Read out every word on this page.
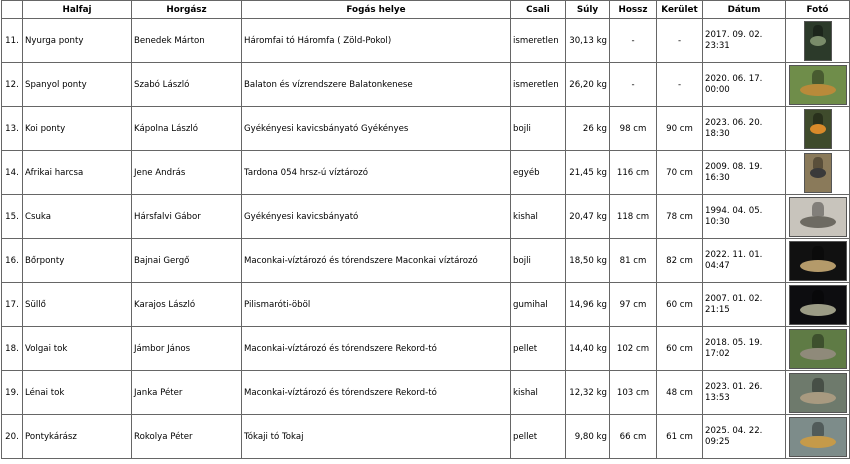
	Halfaj	Horgász	Fogás helye	Csali	Súly	Hossz	Kerület	Dátum	Fotó
11.	Nyurga ponty	Benedek Márton	Háromfai tó Háromfa ( Zöld-Pokol)	ismeretlen	30,13 kg	-	-	2017. 09. 02.
23:31	

12.	Spanyol ponty	Szabó László	Balaton és vízrendszere Balatonkenese	ismeretlen	26,20 kg	-	-	2020. 06. 17.
00:00	

13.	Koi ponty	Kápolna László	Gyékényesi kavicsbányató Gyékényes	bojli	26 kg	98 cm	90 cm	2023. 06. 20.
18:30	

14.	Afrikai harcsa	Jene András	Tardona 054 hrsz-ú víztározó	egyéb	21,45 kg	116 cm	70 cm	2009. 08. 19.
16:30	

15.	Csuka	Hársfalvi Gábor	Gyékényesi kavicsbányató	kishal	20,47 kg	118 cm	78 cm	1994. 04. 05.
10:30	

16.	Bőrponty	Bajnai Gergő	Maconkai-víztározó és tórendszere Maconkai víztározó	bojli	18,50 kg	81 cm	82 cm	2022. 11. 01.
04:47	

17.	Süllő	Karajos László	Pilismaróti-öböl	gumihal	14,96 kg	97 cm	60 cm	2007. 01. 02.
21:15	

18.	Volgai tok	Jámbor János	Maconkai-víztározó és tórendszere Rekord-tó	pellet	14,40 kg	102 cm	60 cm	2018. 05. 19.
17:02	

19.	Lénai tok	Janka Péter	Maconkai-víztározó és tórendszere Rekord-tó	kishal	12,32 kg	103 cm	48 cm	2023. 01. 26.
13:53	

20.	Pontykárász	Rokolya Péter	Tókaji tó Tokaj	pellet	9,80 kg	66 cm	61 cm	2025. 04. 22.
09:25	
